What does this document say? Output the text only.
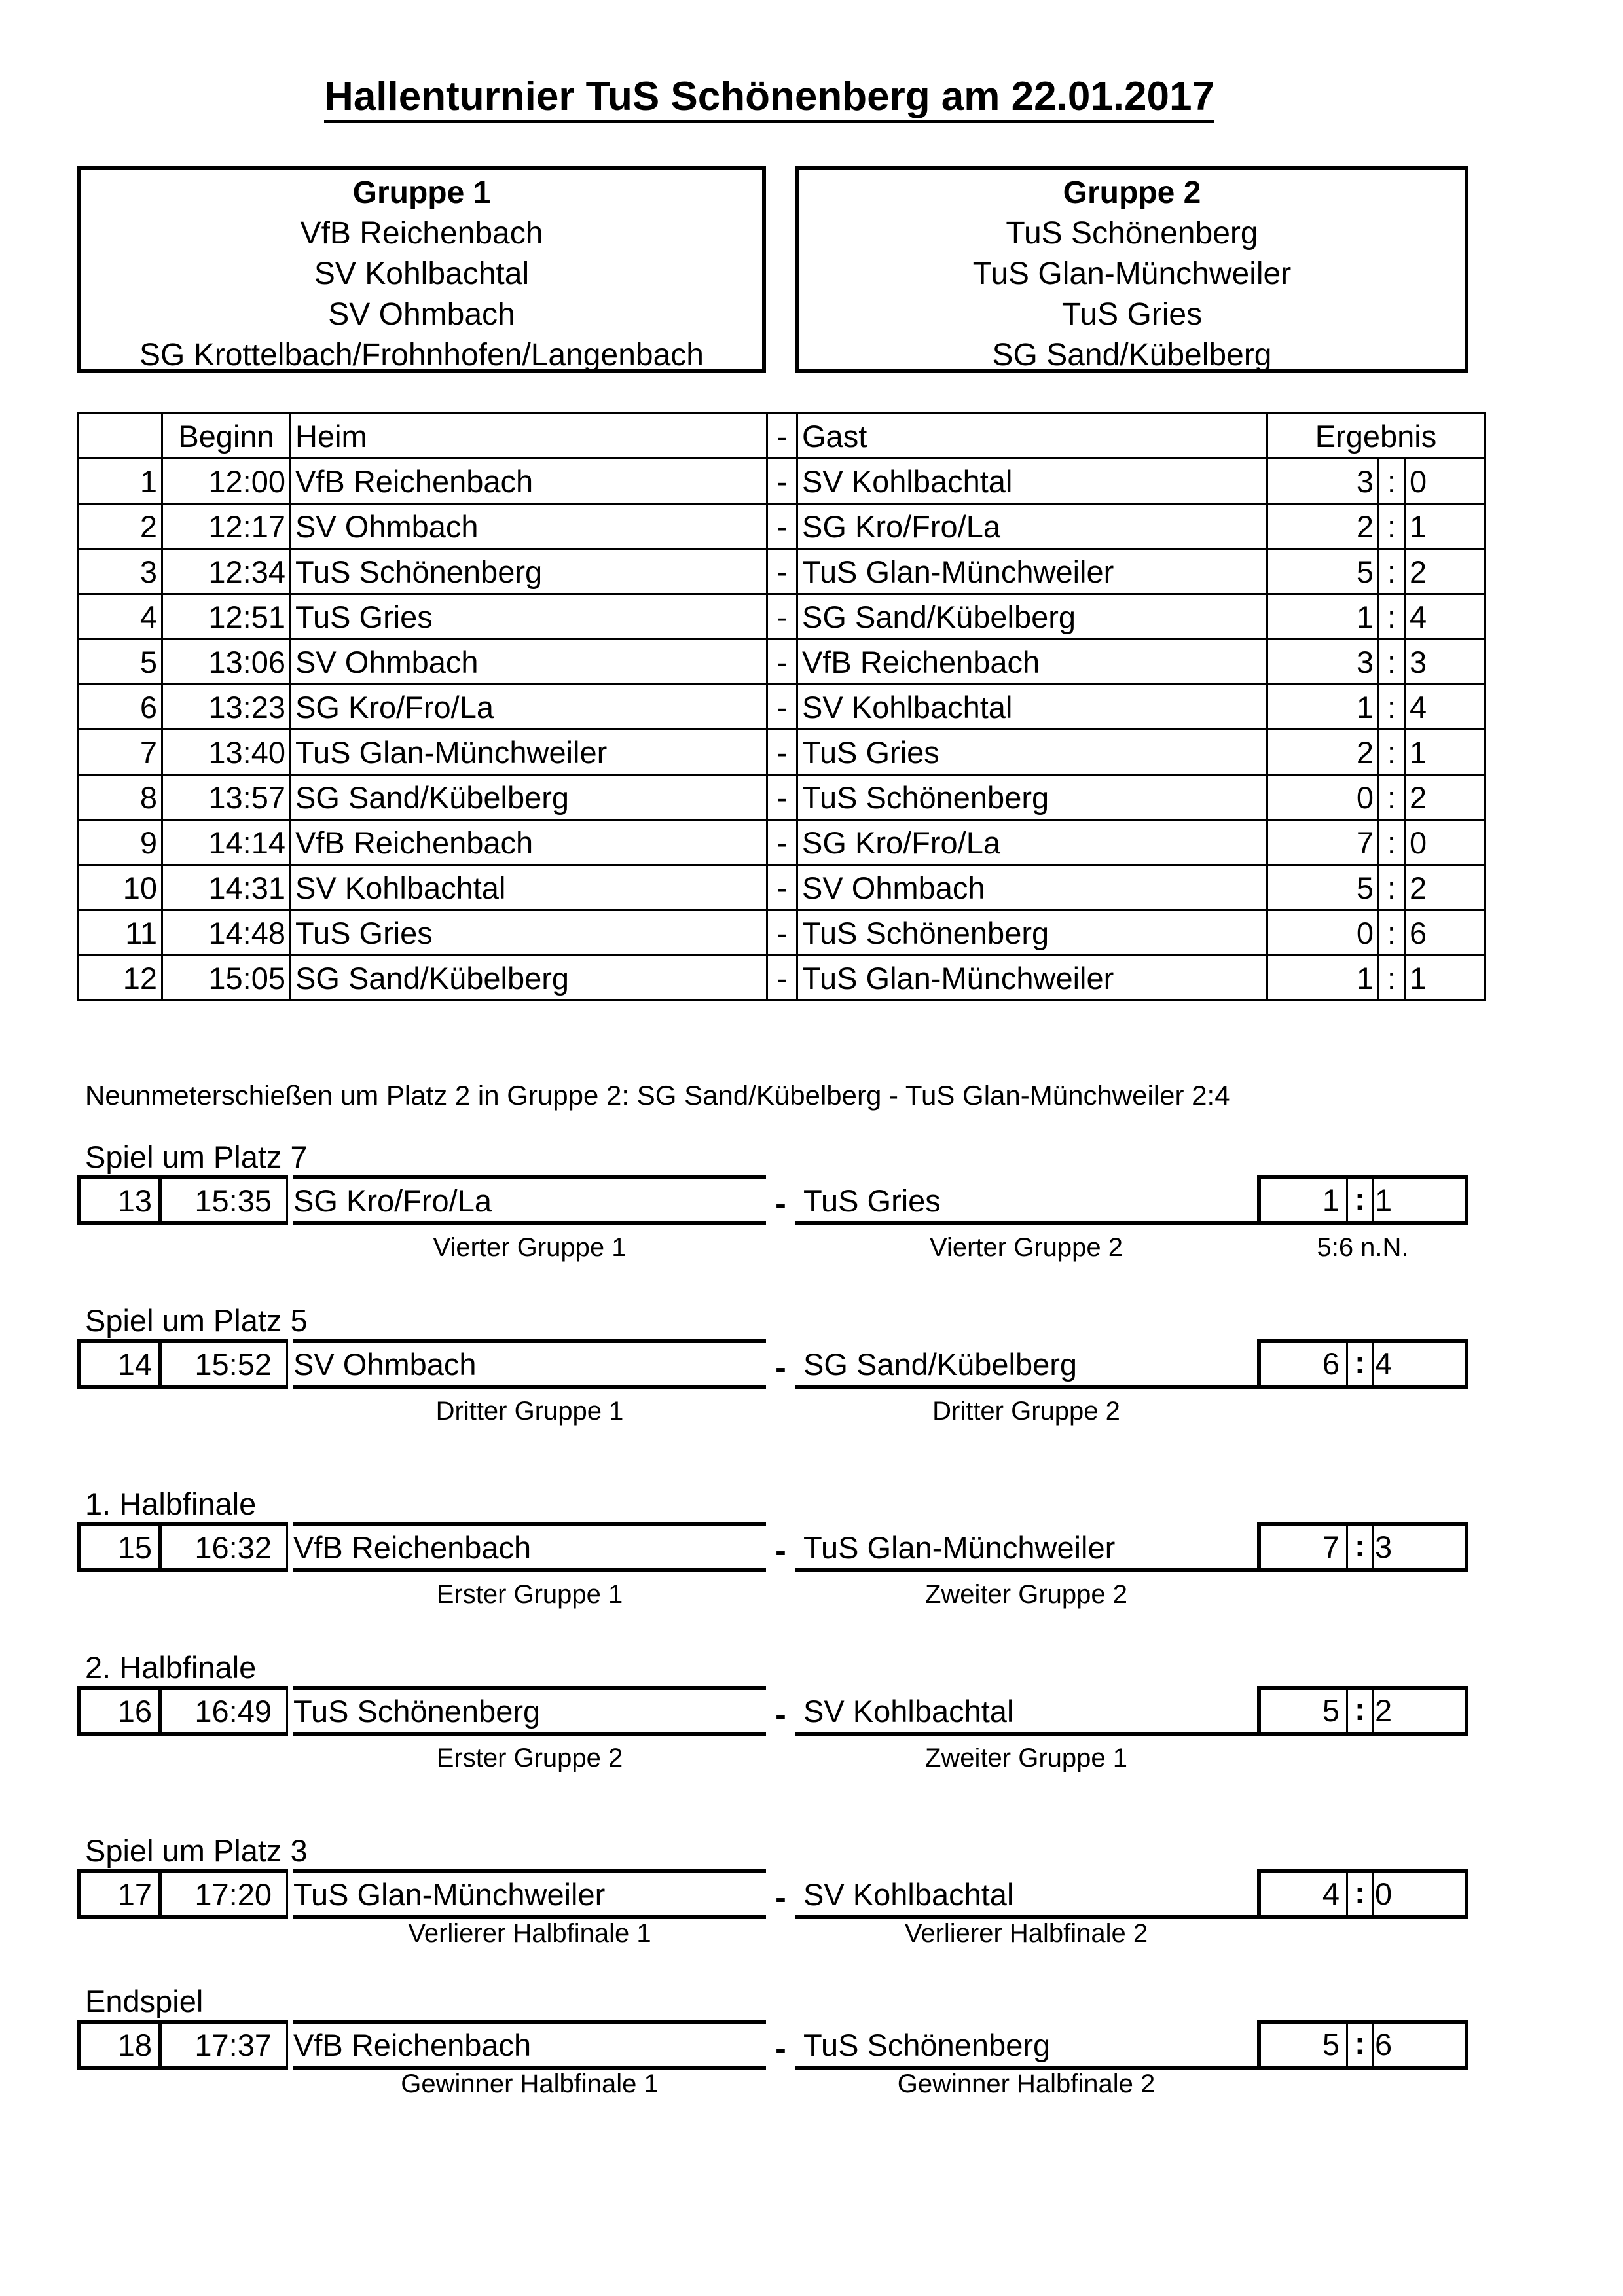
Hallenturnier TuS Schönenberg am 22.01.2017
Gruppe 1
VfB Reichenbach
SV Kohlbachtal
SV Ohmbach
SG Krottelbach/Frohnhofen/Langenbach
Gruppe 2
TuS Schönenberg
TuS Glan-Münchweiler
TuS Gries
SG Sand/Kübelberg
	Beginn	Heim	-	Gast	Ergebnis		
1	12:00	VfB Reichenbach	-	SV Kohlbachtal	3	:	0
2	12:17	SV Ohmbach	-	SG Kro/Fro/La	2	:	1
3	12:34	TuS Schönenberg	-	TuS Glan-Münchweiler	5	:	2
4	12:51	TuS Gries	-	SG Sand/Kübelberg	1	:	4
5	13:06	SV Ohmbach	-	VfB Reichenbach	3	:	3
6	13:23	SG Kro/Fro/La	-	SV Kohlbachtal	1	:	4
7	13:40	TuS Glan-Münchweiler	-	TuS Gries	2	:	1
8	13:57	SG Sand/Kübelberg	-	TuS Schönenberg	0	:	2
9	14:14	VfB Reichenbach	-	SG Kro/Fro/La	7	:	0
10	14:31	SV Kohlbachtal	-	SV Ohmbach	5	:	2
11	14:48	TuS Gries	-	TuS Schönenberg	0	:	6
12	15:05	SG Sand/Kübelberg	-	TuS Glan-Münchweiler	1	:	1
Neunmeterschießen um Platz 2 in Gruppe 2: SG Sand/Kübelberg - TuS Glan-Münchweiler 2:4
Spiel um Platz 7
13	15:35 SG Kro/Fro/La	- TuS Gries	1 : 1
Vierter Gruppe 1	Vierter Gruppe 2	5:6 n.N.
Spiel um Platz 5
14	15:52 SV Ohmbach	- SG Sand/Kübelberg	6 : 4
Dritter Gruppe 1	Dritter Gruppe 2
1. Halbfinale
15	16:32 VfB Reichenbach	- TuS Glan-Münchweiler	7 : 3
Erster Gruppe 1	Zweiter Gruppe 2
2. Halbfinale
16	16:49 TuS Schönenberg	- SV Kohlbachtal	5 : 2
Erster Gruppe 2	Zweiter Gruppe 1
Spiel um Platz 3
17	17:20 TuS Glan-Münchweiler	- SV Kohlbachtal	4 : 0
Verlierer Halbfinale 1	Verlierer Halbfinale 2
Endspiel
18	17:37 VfB Reichenbach	- TuS Schönenberg	5 : 6
Gewinner Halbfinale 1	Gewinner Halbfinale 2
